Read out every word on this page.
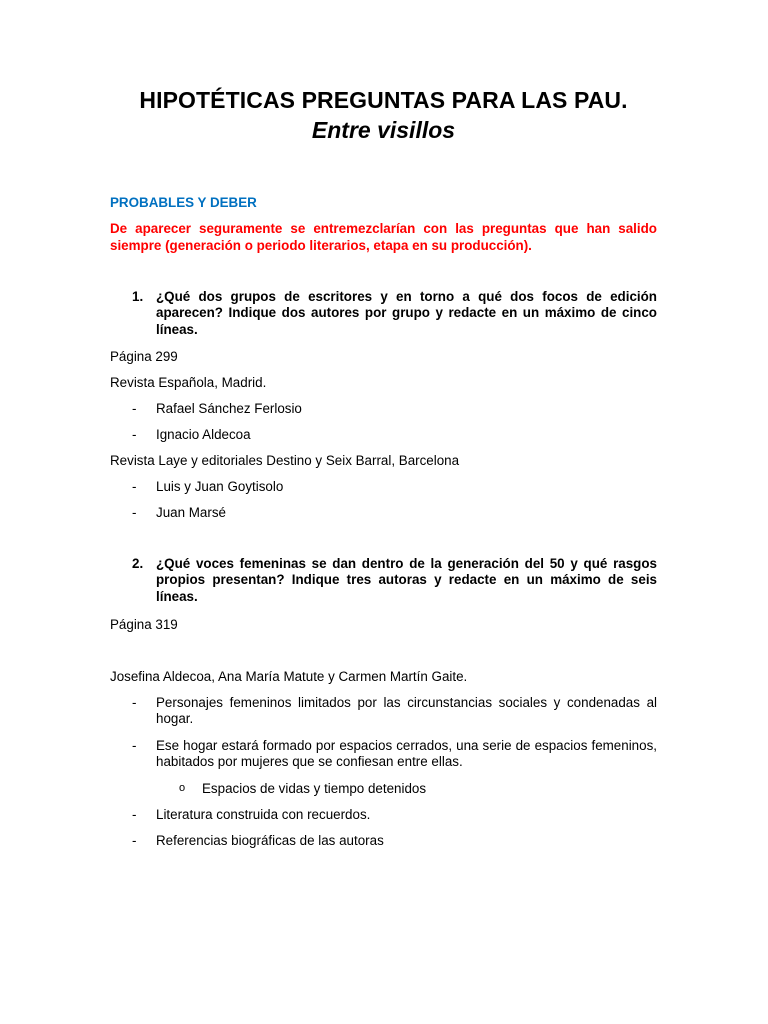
HIPOTÉTICAS PREGUNTAS PARA LAS PAU.
Entre visillos
PROBABLES Y DEBER
De aparecer seguramente se entremezclarían con las preguntas que han salido siempre (generación o periodo literarios, etapa en su producción).
1. ¿Qué dos grupos de escritores y en torno a qué dos focos de edición aparecen? Indique dos autores por grupo y redacte en un máximo de cinco líneas.
Página 299
Revista Española, Madrid.
- Rafael Sánchez Ferlosio
- Ignacio Aldecoa
Revista Laye y editoriales Destino y Seix Barral, Barcelona
- Luis y Juan Goytisolo
- Juan Marsé
2. ¿Qué voces femeninas se dan dentro de la generación del 50 y qué rasgos propios presentan? Indique tres autoras y redacte en un máximo de seis líneas.
Página 319
Josefina Aldecoa, Ana María Matute y Carmen Martín Gaite.
- Personajes femeninos limitados por las circunstancias sociales y condenadas al hogar.
- Ese hogar estará formado por espacios cerrados, una serie de espacios femeninos, habitados por mujeres que se confiesan entre ellas.
o Espacios de vidas y tiempo detenidos
- Literatura construida con recuerdos.
- Referencias biográficas de las autoras
